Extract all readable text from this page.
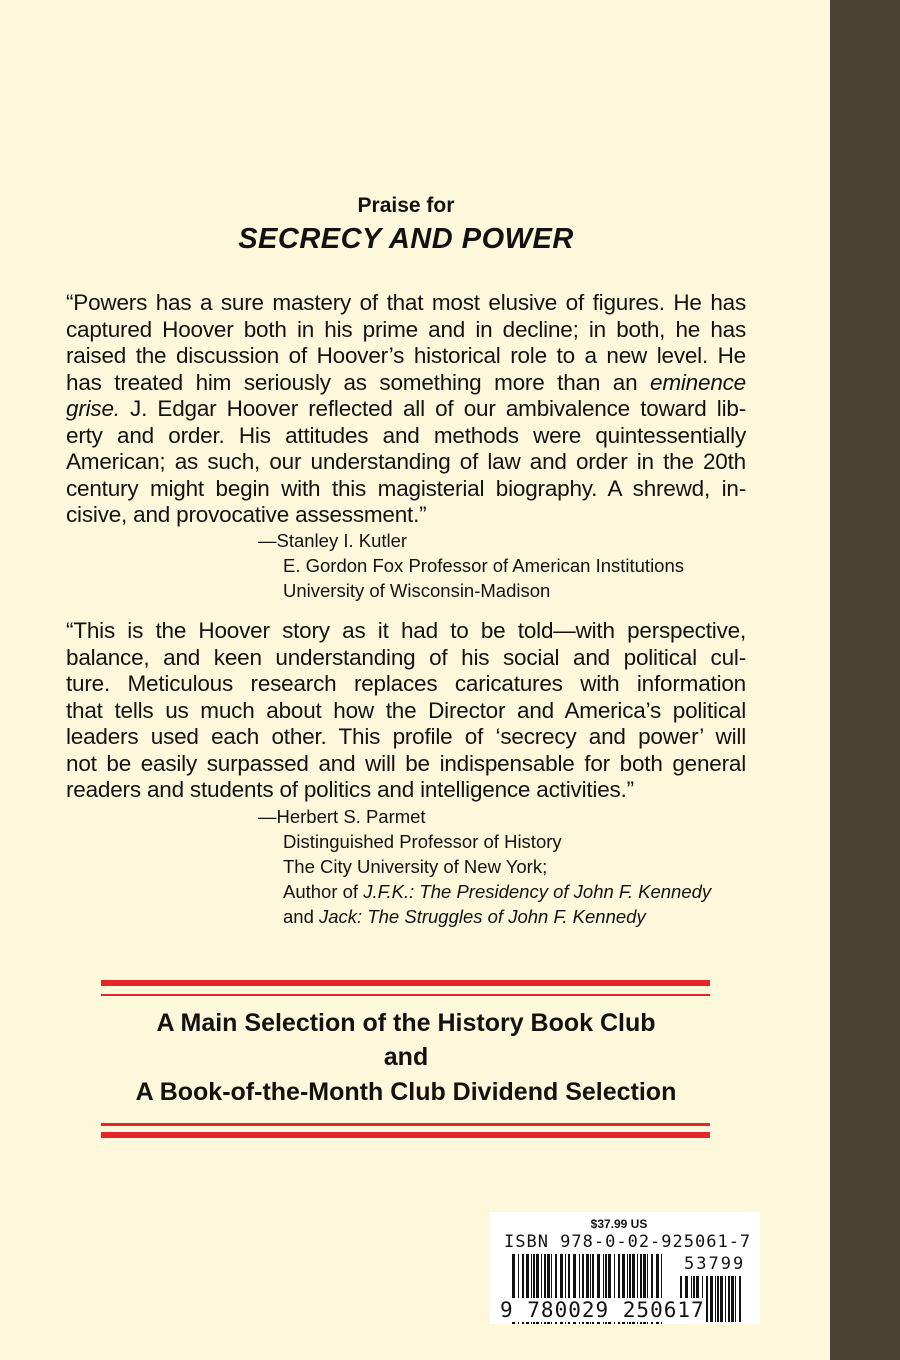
Praise for
SECRECY AND POWER
“Powers has a sure mastery of that most elusive of figures. He has
captured Hoover both in his prime and in decline; in both, he has
raised the discussion of Hoover’s historical role to a new level. He
has treated him seriously as something more than an eminence
grise. J. Edgar Hoover reflected all of our ambivalence toward lib-
erty and order. His attitudes and methods were quintessentially
American; as such, our understanding of law and order in the 20th
century might begin with this magisterial biography. A shrewd, in-
cisive, and provocative assessment.”
—Stanley I. Kutler
E. Gordon Fox Professor of American Institutions
University of Wisconsin-Madison
“This is the Hoover story as it had to be told—with perspective,
balance, and keen understanding of his social and political cul-
ture. Meticulous research replaces caricatures with information
that tells us much about how the Director and America’s political
leaders used each other. This profile of ‘secrecy and power’ will
not be easily surpassed and will be indispensable for both general
readers and students of politics and intelligence activities.”
—Herbert S. Parmet
Distinguished Professor of History
The City University of New York;
Author of J.F.K.: The Presidency of John F. Kennedy
and Jack: The Struggles of John F. Kennedy
A Main Selection of the History Book Club
and
A Book-of-the-Month Club Dividend Selection
$37.99 US
ISBN 978-0-02-925061-7
53799
9 780029 250617
